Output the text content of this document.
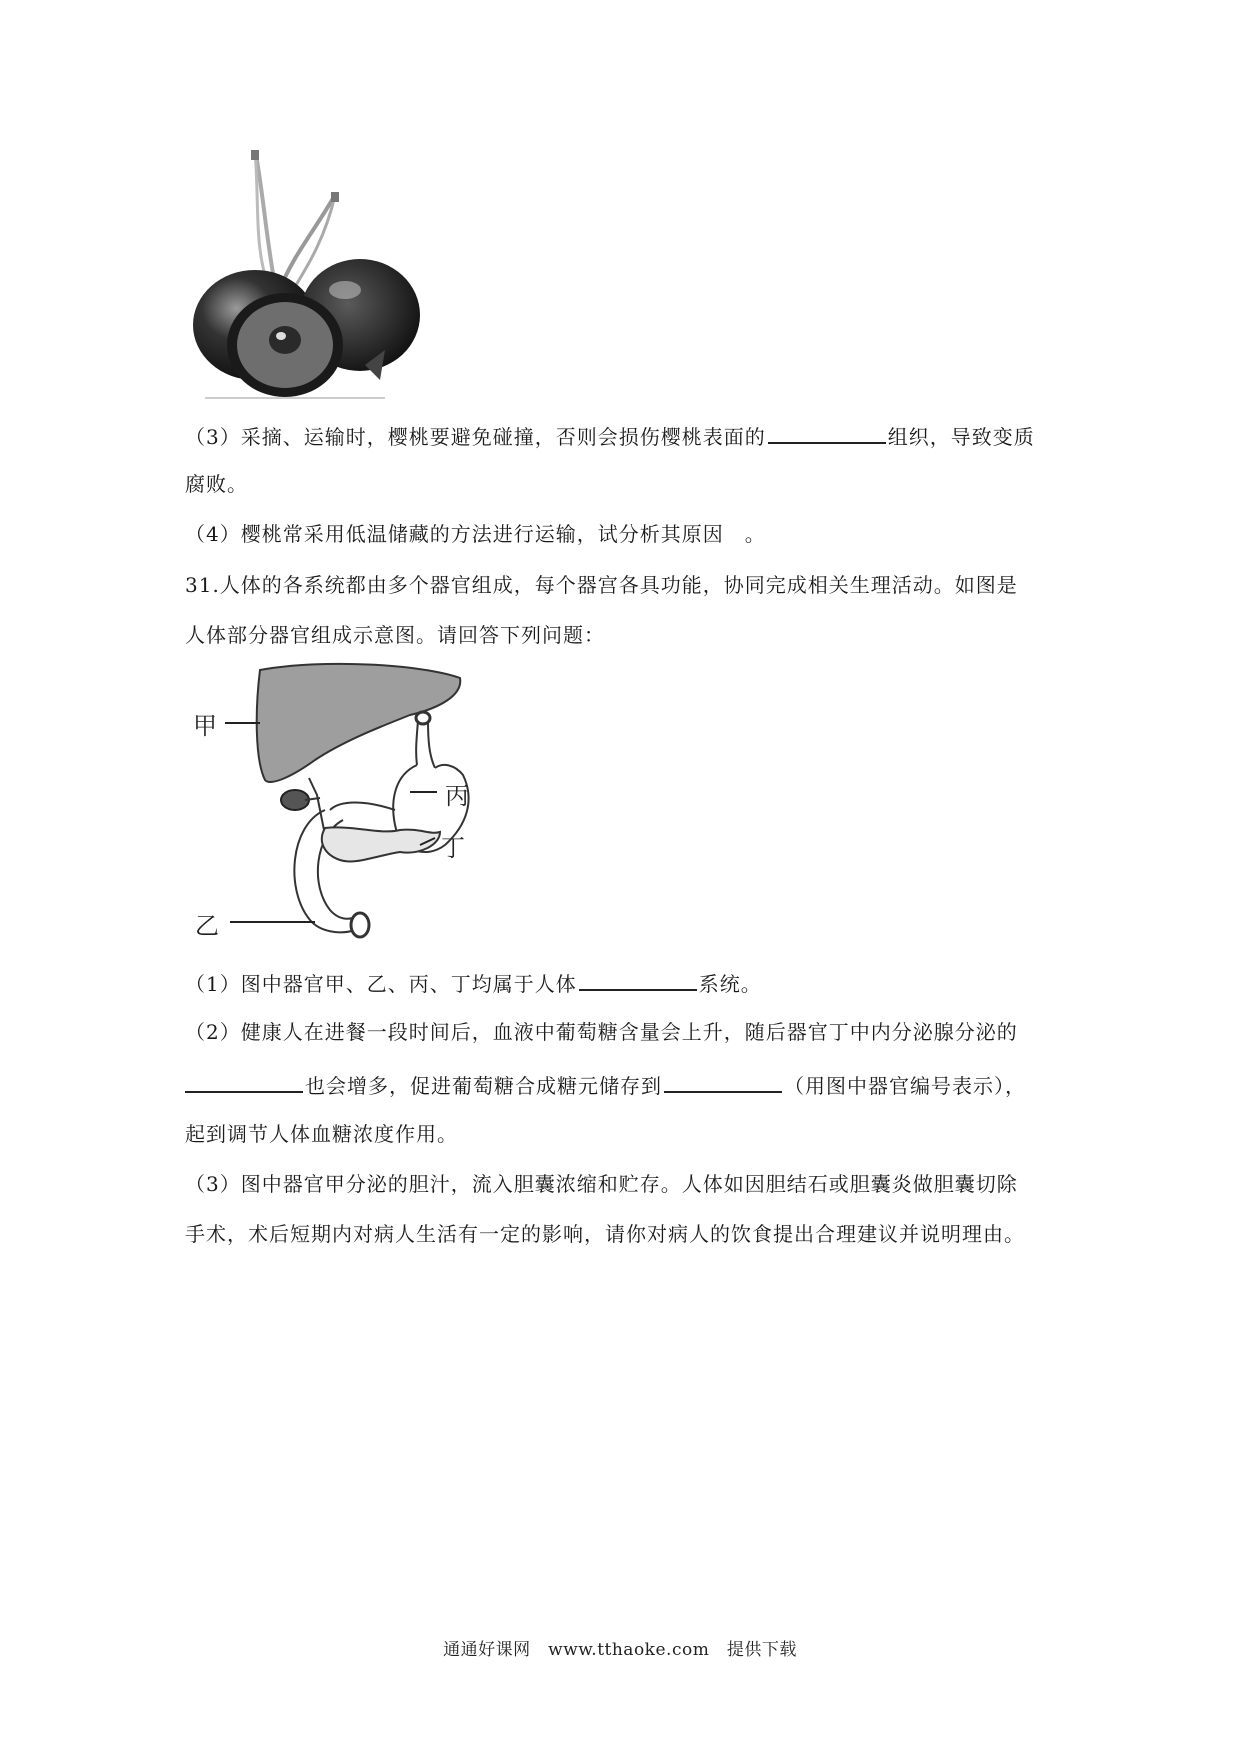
（3）采摘、运输时，樱桃要避免碰撞，否则会损伤樱桃表面的	组织，导致变质
腐败。
（4）樱桃常采用低温储藏的方法进行运输，试分析其原因　。
31.人体的各系统都由多个器官组成，每个器宫各具功能，协同完成相关生理活动。如图是
人体部分器官组成示意图。请回答下列问题：
甲
丙
丁
乙
（1）图中器官甲、乙、丙、丁均属于人体	系统。
（2）健康人在进餐一段时间后，血液中葡萄糖含量会上升，随后器官丁中内分泌腺分泌的
也会增多，促进葡萄糖合成糖元储存到	（用图中器官编号表示），
起到调节人体血糖浓度作用。
（3）图中器官甲分泌的胆汁，流入胆囊浓缩和贮存。人体如因胆结石或胆囊炎做胆囊切除
手术，术后短期内对病人生活有一定的影响，请你对病人的饮食提出合理建议并说明理由。
通通好课网　www.tthaoke.com　提供下载
